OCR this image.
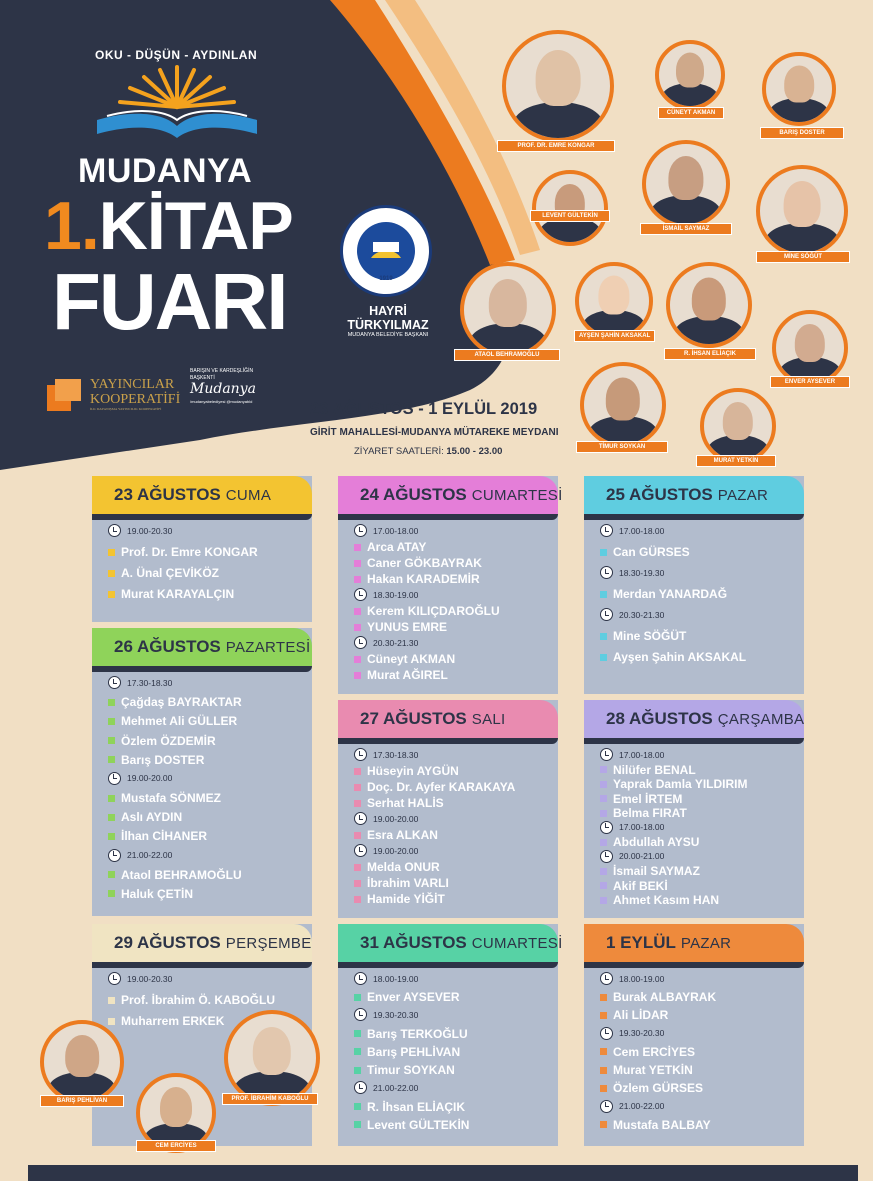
OKU - DÜŞÜN - AYDINLAN
MUDANYA
1.KİTAP
FUARI	1919
HAYRİ
TÜRKYILMAZ
MUDANYA BELEDİYE BAŞKANI
YAYINCILAR
KOOPERATİFİ
İLK DAYANIŞMA YAYINCILIK KOOPERATİFİ
BARIŞIN VE KARDEŞLİĞİN BAŞKENTİ
Mudanya
/mudanyabelediyesi @mudanyabld	23 AĞUSTOS - 1 EYLÜL 2019
GİRİT MAHALLESİ-MUDANYA MÜTAREKE MEYDANI
ZİYARET SAATLERİ: 15.00 - 23.00
PROF. DR. EMRE KONGAR
CÜNEYT AKMAN
BARIŞ DOSTER
LEVENT GÜLTEKİN
İSMAİL SAYMAZ
MİNE SÖĞÜT
ATAOL BEHRAMOĞLU
AYŞEN ŞAHİN AKSAKAL
R. İHSAN ELİAÇIK
ENVER AYSEVER
TİMUR SOYKAN
MURAT YETKİN
BARIŞ PEHLİVAN	PROF. İBRAHİM KABOĞLU
CEM ERCİYES
23 AĞUSTOS CUMA
19.00-20.30
Prof. Dr. Emre KONGAR
A. Ünal ÇEVİKÖZ
Murat KARAYALÇIN
24 AĞUSTOS CUMARTESİ
17.00-18.00
Arca ATAY
Caner GÖKBAYRAK
Hakan KARADEMİR
18.30-19.00
Kerem KILIÇDAROĞLU
YUNUS EMRE
20.30-21.30
Cüneyt AKMAN
Murat AĞIREL
25 AĞUSTOS PAZAR
17.00-18.00
Can GÜRSES
18.30-19.30
Merdan YANARDAĞ
20.30-21.30
Mine SÖĞÜT
Ayşen Şahin AKSAKAL
26 AĞUSTOS PAZARTESİ
17.30-18.30
Çağdaş BAYRAKTAR
Mehmet Ali GÜLLER
Özlem ÖZDEMİR
Barış DOSTER
19.00-20.00
Mustafa SÖNMEZ
Aslı AYDIN
İlhan CİHANER
21.00-22.00
Ataol BEHRAMOĞLU
Haluk ÇETİN
27 AĞUSTOS SALI
17.30-18.30
Hüseyin AYGÜN
Doç. Dr. Ayfer KARAKAYA
Serhat HALİS
19.00-20.00
Esra ALKAN
19.00-20.00
Melda ONUR
İbrahim VARLI
Hamide YİĞİT
28 AĞUSTOS ÇARŞAMBA
17.00-18.00
Nilüfer BENAL
Yaprak Damla YILDIRIM
Emel İRTEM
Belma FIRAT
17.00-18.00
Abdullah AYSU
20.00-21.00
İsmail SAYMAZ
Akif BEKİ
Ahmet Kasım HAN
29 AĞUSTOS PERŞEMBE
19.00-20.30
Prof. İbrahim Ö. KABOĞLU
Muharrem ERKEK
31 AĞUSTOS CUMARTESİ
18.00-19.00
Enver AYSEVER
19.30-20.30
Barış TERKOĞLU
Barış PEHLİVAN
Timur SOYKAN
21.00-22.00
R. İhsan ELİAÇIK
Levent GÜLTEKİN
1 EYLÜL PAZAR
18.00-19.00
Burak ALBAYRAK
Ali LİDAR
19.30-20.30
Cem ERCİYES
Murat YETKİN
Özlem GÜRSES
21.00-22.00
Mustafa BALBAY
